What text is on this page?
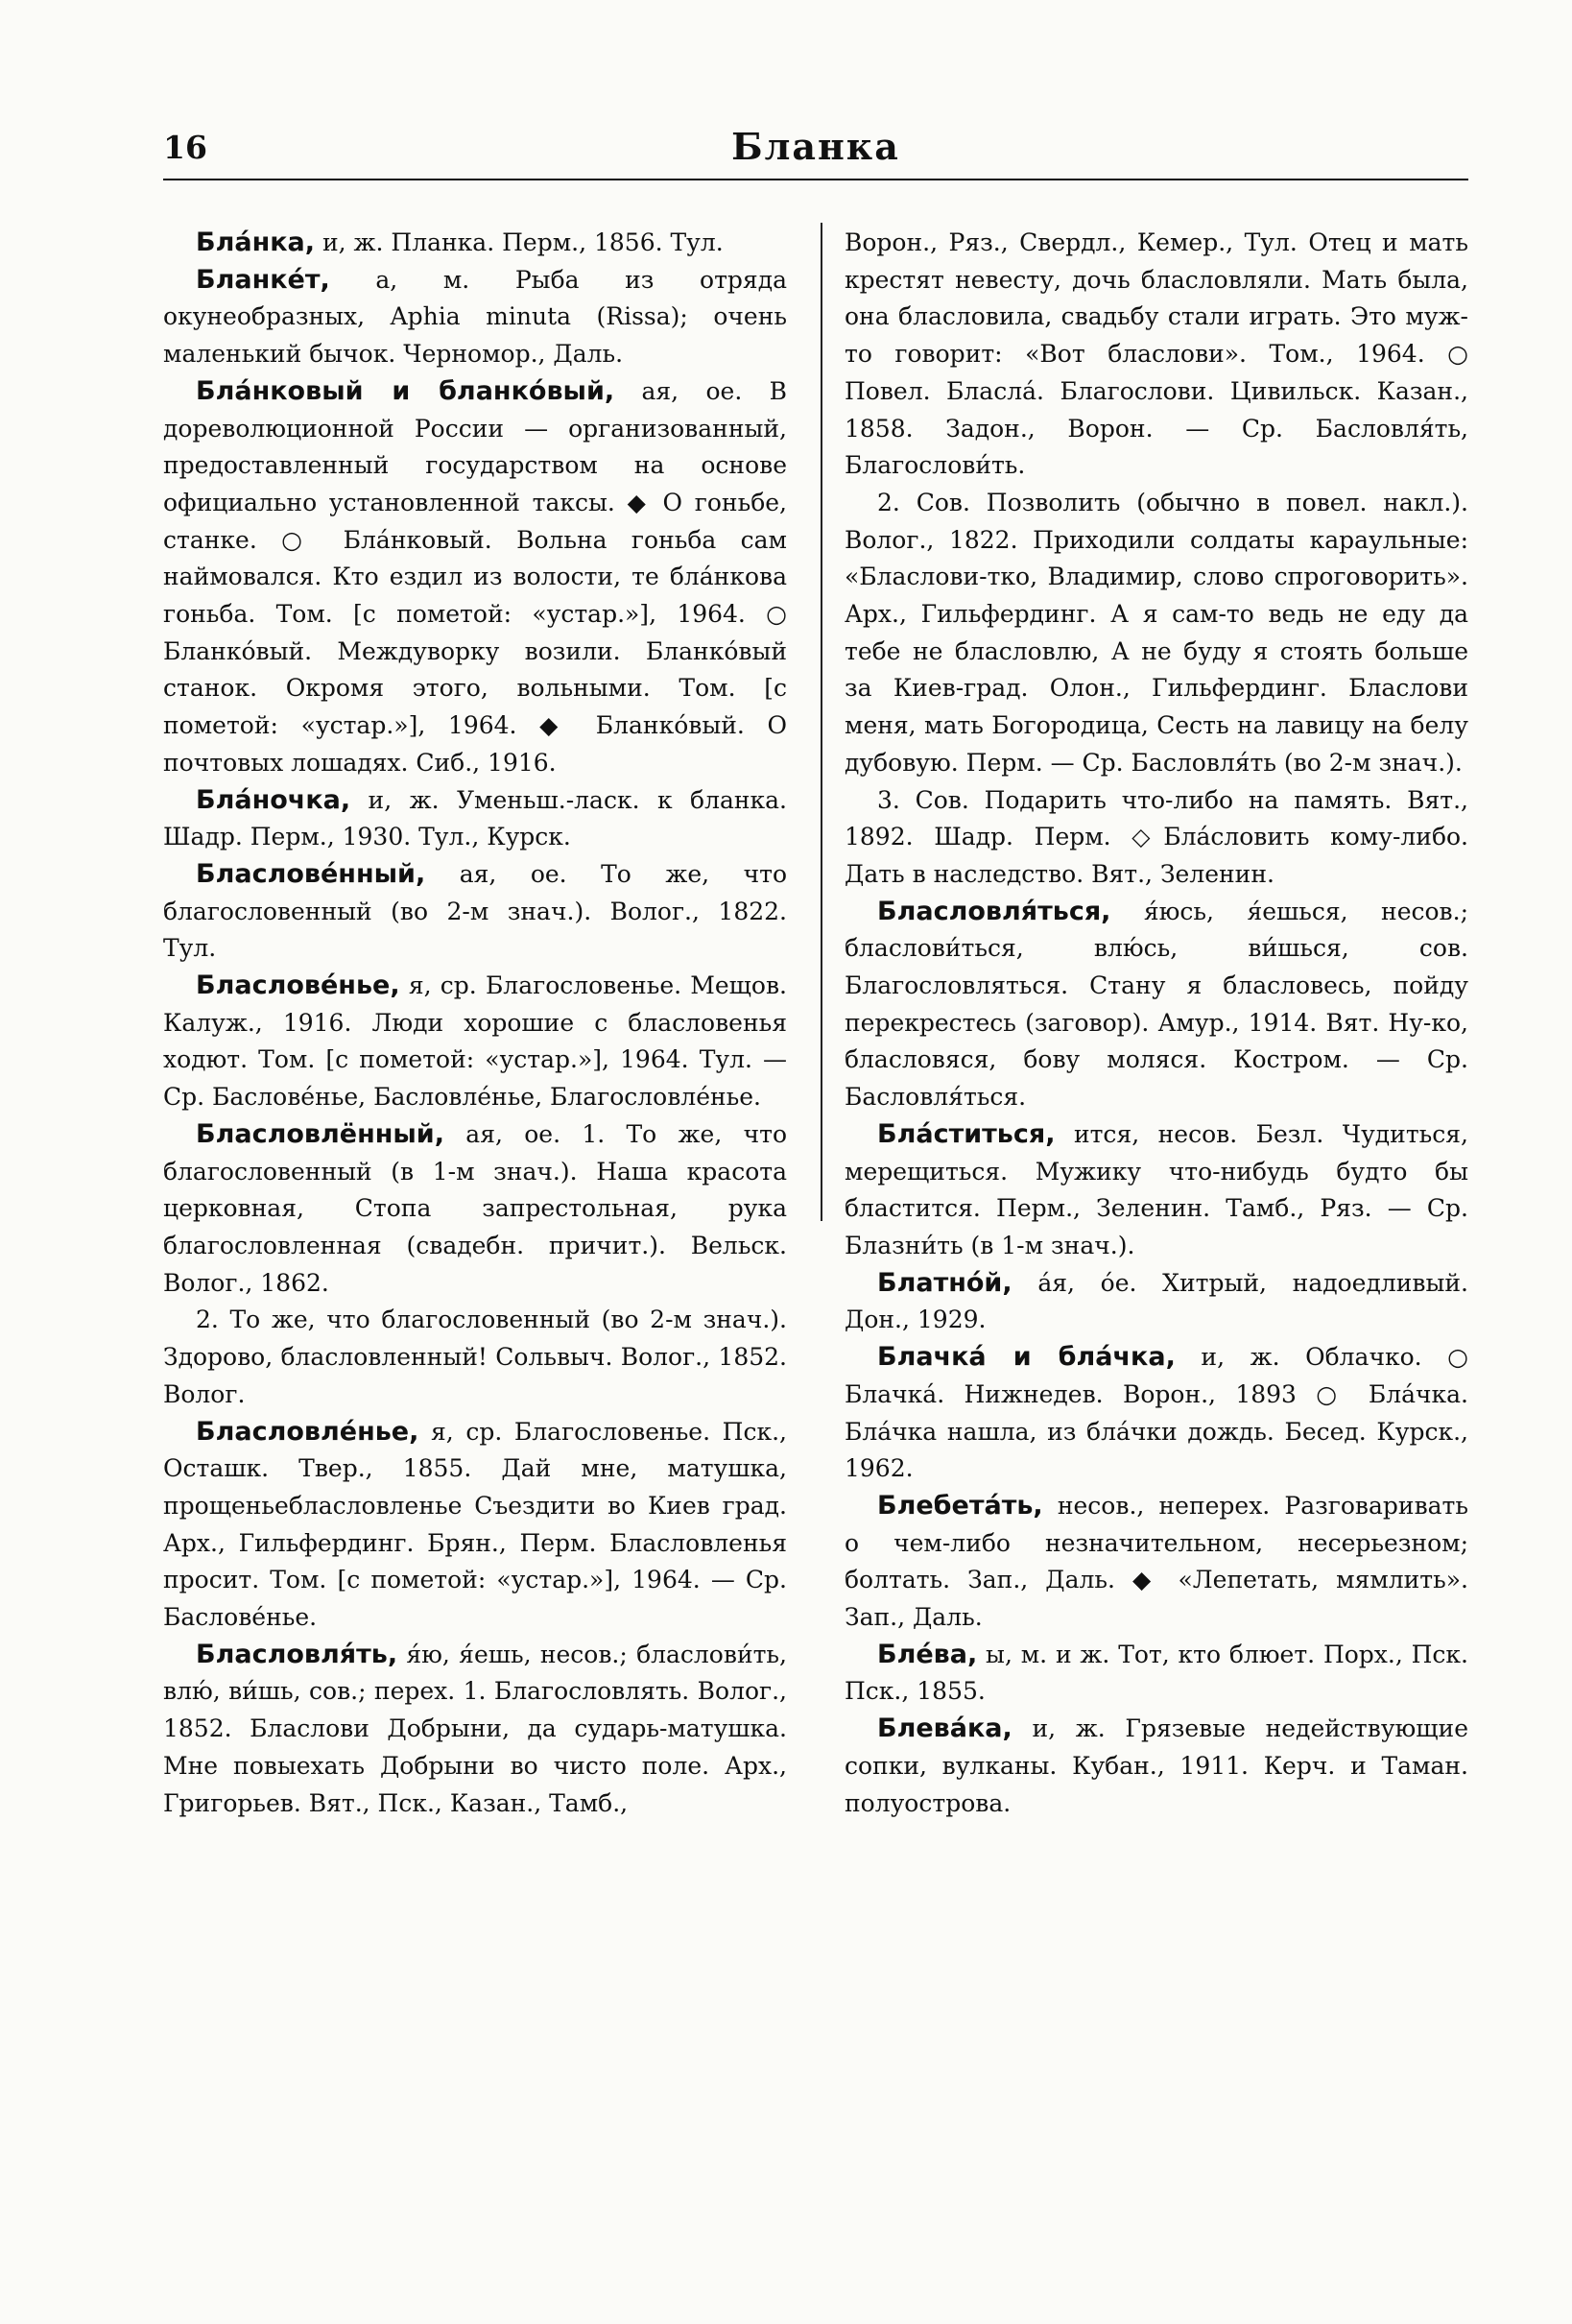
16	Бланка

Бла́нка, и, ж. Планка. Перм., 1856. Тул.

Бланке́т, а, м. Рыба из отряда окунеобразных, Aphia minuta (Rissa); очень маленький бычок. Черномор., Даль.

Бла́нковый и бланко́вый, ая, ое. В дореволюционной России — организованный, предоставленный государством на основе официально установленной таксы. ◆ О гоньбе, станке. ○ Бла́нковый. Вольна гоньба сам наймовался. Кто ездил из волости, те бла́нкова гоньба. Том. [с пометой: «устар.»], 1964. ○ Бланко́вый. Междуворку возили. Бланко́вый станок. Окромя этого, вольными. Том. [с пометой: «устар.»], 1964. ◆ Бланко́вый. О почтовых лошадях. Сиб., 1916.

Бла́ночка, и, ж. Уменьш.-ласк. к бланка. Шадр. Перм., 1930. Тул., Курск.

Бласлове́нный, ая, ое. То же, что благословенный (во 2-м знач.). Волог., 1822. Тул.

Бласлове́нье, я, ср. Благословенье. Мещов. Калуж., 1916. Люди хорошие с бласловенья ходют. Том. [с пометой: «устар.»], 1964. Тул. — Ср. Басловéнье, Басловлéнье, Благословлéнье.

Бласловлённый, ая, ое. 1. То же, что благословенный (в 1-м знач.). Наша красота церковная, Стопа запрестольная, рука благословленная (свадебн. причит.). Вельск. Волог., 1862.

2. То же, что благословенный (во 2-м знач.). Здорово, бласловленный! Сольвыч. Волог., 1852. Волог.

Бласловле́нье, я, ср. Благословенье. Пск., Осташк. Твер., 1855. Дай мне, матушка, прощеньебласловленье Съездити во Киев град. Арх., Гильфердинг. Брян., Перм. Бласловленья просит. Том. [с пометой: «устар.»], 1964. — Ср. Басловéнье.

Бласловля́ть, я́ю, я́ешь, несов.; бласлови́ть, влю́, ви́шь, сов.; перех. 1. Благословлять. Волог., 1852. Бласлови Добрыни, да сударь-матушка. Мне повыехать Добрыни во чисто поле. Арх., Григорьев. Вят., Пск., Казан., Тамб.,

Ворон., Ряз., Свердл., Кемер., Тул. Отец и мать крестят невесту, дочь бласловляли. Мать была, она бласловила, свадьбу стали играть. Это муж-то говорит: «Вот бласлови». Том., 1964. ○ Повел. Бласла́. Благослови. Цивильск. Казан., 1858. Задон., Ворон. — Ср. Басловля́ть, Благослови́ть.

2. Сов. Позволить (обычно в повел. накл.). Волог., 1822. Приходили солдаты караульные: «Бласлови-тко, Владимир, слово спроговорить». Арх., Гильфердинг. А я сам-то ведь не еду да тебе не бласловлю, А не буду я стоять больше за Киев-град. Олон., Гильфердинг. Бласлови меня, мать Богородица, Сесть на лавицу на белу дубовую. Перм. — Ср. Басловля́ть (во 2-м знач.).

3. Сов. Подарить что-либо на память. Вят., 1892. Шадр. Перм. ◇Бла́словить кому-либо. Дать в наследство. Вят., Зеленин.

Бласловля́ться, я́юсь, я́ешься, несов.; бласлови́ться, влю́сь, ви́шься, сов. Благословляться. Стану я бласловесь, пойду перекрестесь (заговор). Амур., 1914. Вят. Ну-ко, бласловяся, бову моляся. Костром. — Ср. Басловля́ться.

Бла́ститься, ится, несов. Безл. Чудиться, мерещиться. Мужику что-нибудь будто бы бластится. Перм., Зеленин. Тамб., Ряз. — Ср. Блазни́ть (в 1-м знач.).

Блатно́й, а́я, о́е. Хитрый, надоедливый. Дон., 1929.

Блачка́ и бла́чка, и, ж. Облачко. ○ Блачка́. Нижнедев. Ворон., 1893 ○ Бла́чка. Бла́чка нашла, из бла́чки дождь. Бесед. Курск., 1962.

Блебета́ть, несов., неперех. Разговаривать о чем-либо незначительном, несерьезном; болтать. Зап., Даль. ◆ «Лепетать, мямлить». Зап., Даль.

Бле́ва, ы, м. и ж. Тот, кто блюет. Порх., Пск. Пск., 1855.

Блева́ка, и, ж. Грязевые недействующие сопки, вулканы. Кубан., 1911. Керч. и Таман. полуострова.
